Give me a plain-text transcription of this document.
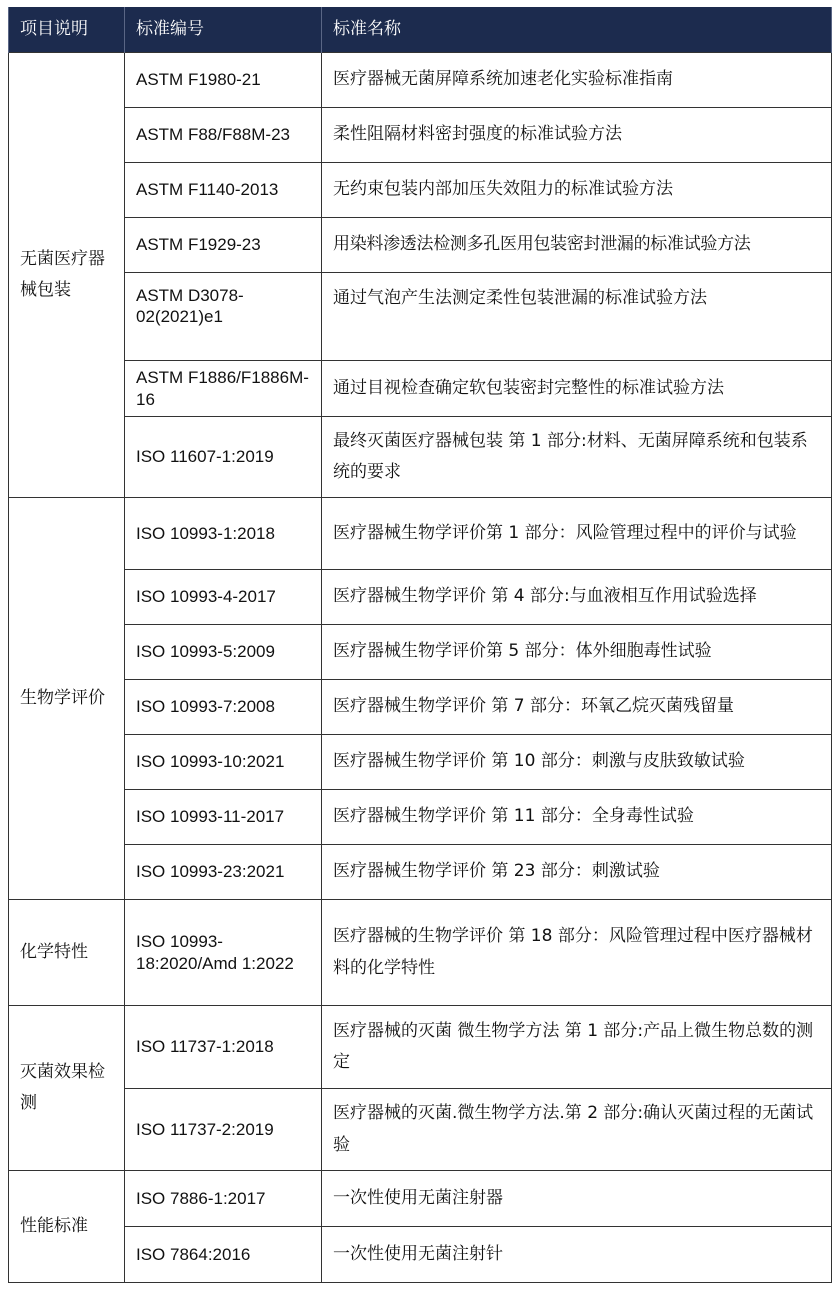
项目说明	标准编号	标准名称
无菌医疗器械包装	ASTM F1980-21	医疗器械无菌屏障系统加速老化实验标准指南
	ASTM F88/F88M-23	柔性阻隔材料密封强度的标准试验方法
	ASTM F1140-2013	无约束包装内部加压失效阻力的标准试验方法
	ASTM F1929-23	用染料渗透法检测多孔医用包装密封泄漏的标准试验方法
	ASTM D3078-02(2021)e1	通过气泡产生法测定柔性包装泄漏的标准试验方法
	ASTM F1886/F1886M-16	通过目视检查确定软包装密封完整性的标准试验方法
	ISO 11607-1:2019	最终灭菌医疗器械包装 第 1 部分:材料、无菌屏障系统和包装系统的要求
生物学评价	ISO 10993-1:2018	医疗器械生物学评价第 1 部分：风险管理过程中的评价与试验
	ISO 10993-4-2017	医疗器械生物学评价 第 4 部分:与血液相互作用试验选择
	ISO 10993-5:2009	医疗器械生物学评价第 5 部分：体外细胞毒性试验
	ISO 10993-7:2008	医疗器械生物学评价 第 7 部分：环氧乙烷灭菌残留量
	ISO 10993-10:2021	医疗器械生物学评价 第 10 部分：刺激与皮肤致敏试验
	ISO 10993-11-2017	医疗器械生物学评价 第 11 部分：全身毒性试验
	ISO 10993-23:2021	医疗器械生物学评价 第 23 部分：刺激试验
化学特性	ISO 10993-18:2020/Amd 1:2022	医疗器械的生物学评价 第 18 部分：风险管理过程中医疗器械材料的化学特性
灭菌效果检测	ISO 11737-1:2018	医疗器械的灭菌 微生物学方法 第 1 部分:产品上微生物总数的测定
	ISO 11737-2:2019	医疗器械的灭菌.微生物学方法.第 2 部分:确认灭菌过程的无菌试验
性能标准	ISO 7886-1:2017	一次性使用无菌注射器
	ISO 7864:2016	一次性使用无菌注射针
